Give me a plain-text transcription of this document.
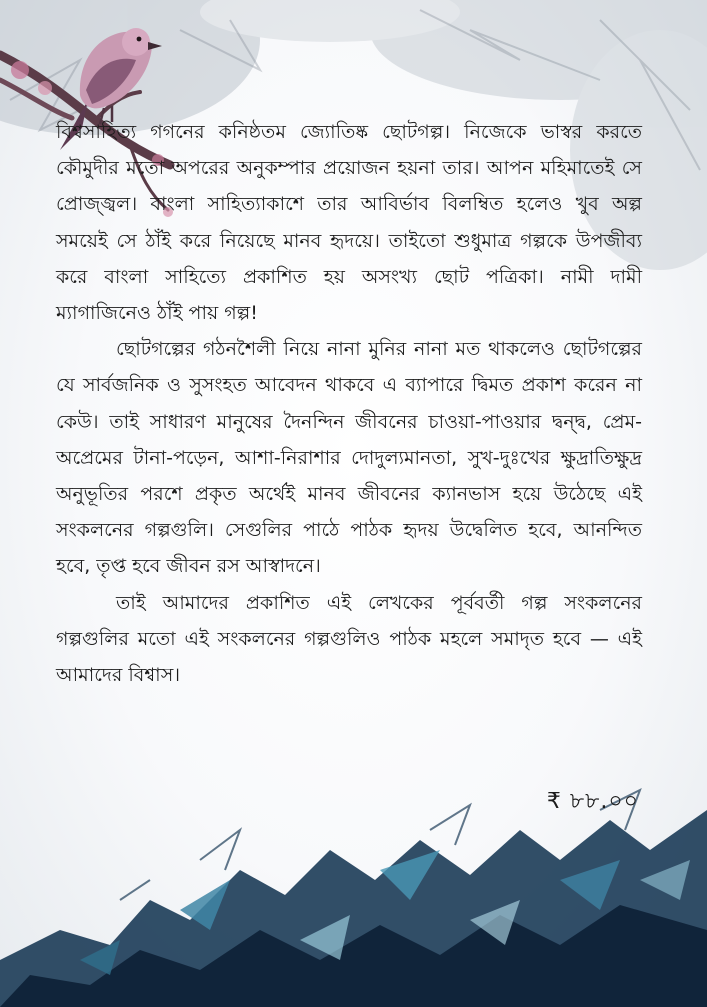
বিশ্বসাহিত্য গগনের কনিষ্ঠতম জ্যোতিষ্ক ছোটগল্প। নিজেকে ভাস্বর করতে কৌমুদীর মতো অপরের অনুকম্পার প্রয়োজন হয়না তার। আপন মহিমাতেই সে প্রোজ্জ্বল। বাংলা সাহিত্যাকাশে তার আবির্ভাব বিলম্বিত হলেও খুব অল্প সময়েই সে ঠাঁই করে নিয়েছে মানব হৃদয়ে। তাইতো শুধুমাত্র গল্পকে উপজীব্য করে বাংলা সাহিত্যে প্রকাশিত হয় অসংখ্য ছোট পত্রিকা। নামী দামী ম্যাগাজিনেও ঠাঁই পায় গল্প!

ছোটগল্পের গঠনশৈলী নিয়ে নানা মুনির নানা মত থাকলেও ছোটগল্পের যে সার্বজনিক ও সুসংহত আবেদন থাকবে এ ব্যাপারে দ্বিমত প্রকাশ করেন না কেউ। তাই সাধারণ মানুষের দৈনন্দিন জীবনের চাওয়া-পাওয়ার দ্বন্দ্ব, প্রেম-অপ্রেমের টানা-পড়েন, আশা-নিরাশার দোদুল্যমানতা, সুখ-দুঃখের ক্ষুদ্রাতিক্ষুদ্র অনুভূতির পরশে প্রকৃত অর্থেই মানব জীবনের ক্যানভাস হয়ে উঠেছে এই সংকলনের গল্পগুলি। সেগুলির পাঠে পাঠক হৃদয় উদ্বেলিত হবে, আনন্দিত হবে, তৃপ্ত হবে জীবন রস আস্বাদনে।

তাই আমাদের প্রকাশিত এই লেখকের পূর্ববর্তী গল্প সংকলনের গল্পগুলির মতো এই সংকলনের গল্পগুলিও পাঠক মহলে সমাদৃত হবে — এই আমাদের বিশ্বাস।

₹ ৮৮.০০
